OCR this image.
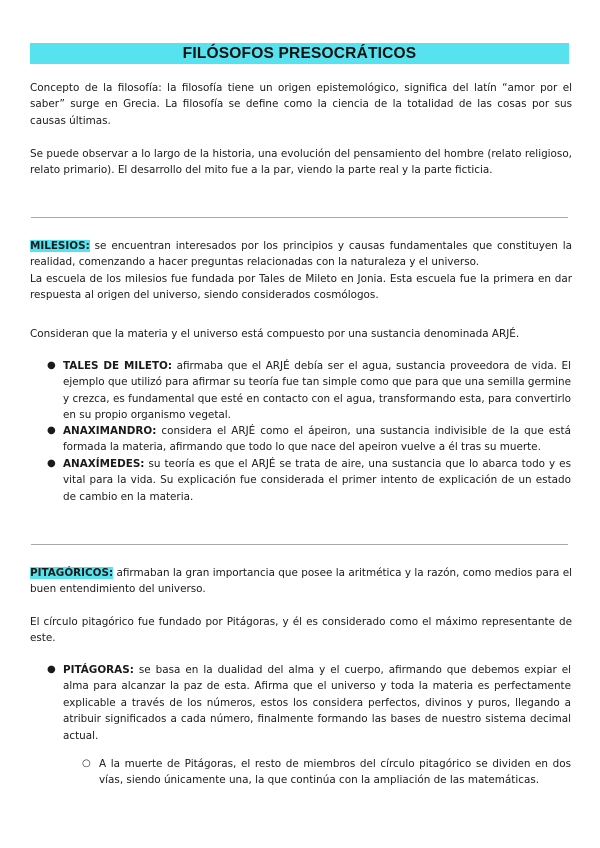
FILÓSOFOS PRESOCRÁTICOS

Concepto de la filosofía: la filosofía tiene un origen epistemológico, significa del latín “amor por el saber” surge en Grecia. La filosofía se define como la ciencia de la totalidad de las cosas por sus causas últimas.

Se puede observar a lo largo de la historia, una evolución del pensamiento del hombre (relato religioso, relato primario). El desarrollo del mito fue a la par, viendo la parte real y la parte ficticia.

MILESIOS: se encuentran interesados por los principios y causas fundamentales que constituyen la realidad, comenzando a hacer preguntas relacionadas con la naturaleza y el universo.

La escuela de los milesios fue fundada por Tales de Mileto en Jonia. Esta escuela fue la primera en dar respuesta al origen del universo, siendo considerados cosmólogos.

Consideran que la materia y el universo está compuesto por una sustancia denominada ARJÉ.

● TALES DE MILETO: afirmaba que el ARJÉ debía ser el agua, sustancia proveedora de vida. El ejemplo que utilizó para afirmar su teoría fue tan simple como que para que una semilla germine y crezca, es fundamental que esté en contacto con el agua, transformando esta, para convertirlo en su propio organismo vegetal.

● ANAXIMANDRO: considera el ARJÉ como el ápeiron, una sustancia indivisible de la que está formada la materia, afirmando que todo lo que nace del apeiron vuelve a él tras su muerte.

● ANAXÍMEDES: su teoría es que el ARJÉ se trata de aire, una sustancia que lo abarca todo y es vital para la vida. Su explicación fue considerada el primer intento de explicación de un estado de cambio en la materia.

PITAGÓRICOS: afirmaban la gran importancia que posee la aritmética y la razón, como medios para el buen entendimiento del universo.

El círculo pitagórico fue fundado por Pitágoras, y él es considerado como el máximo representante de este.

● PITÁGORAS: se basa en la dualidad del alma y el cuerpo, afirmando que debemos expiar el alma para alcanzar la paz de esta. Afirma que el universo y toda la materia es perfectamente explicable a través de los números, estos los considera perfectos, divinos y puros, llegando a atribuir significados a cada número, finalmente formando las bases de nuestro sistema decimal actual.

○ A la muerte de Pitágoras, el resto de miembros del círculo pitagórico se dividen en dos vías, siendo únicamente una, la que continúa con la ampliación de las matemáticas.
